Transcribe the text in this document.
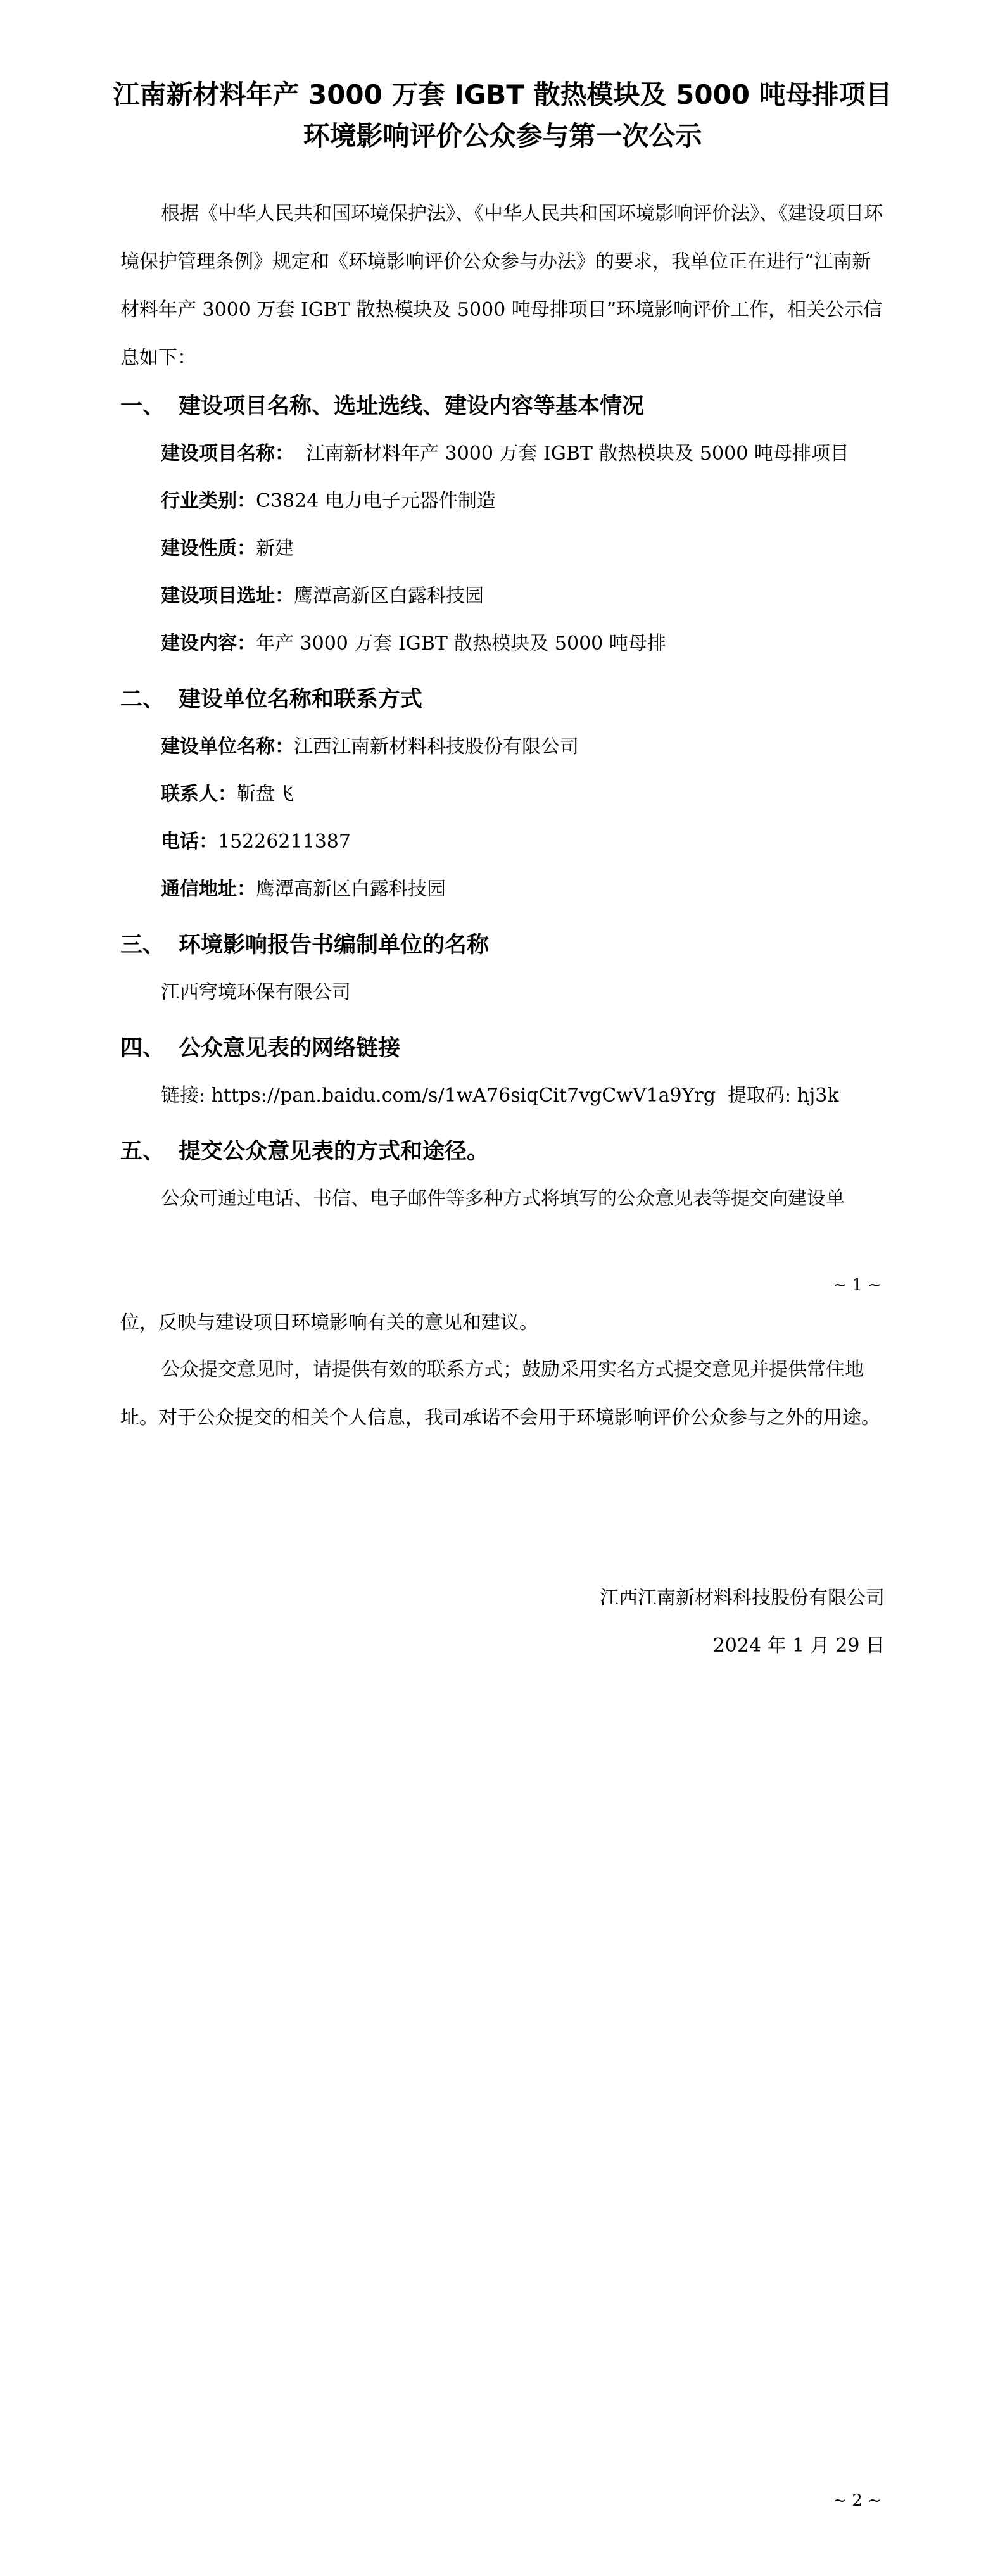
江南新材料年产 3000 万套 IGBT 散热模块及 5000 吨母排项目
环境影响评价公众参与第一次公示

根据《中华人民共和国环境保护法》、《中华人民共和国环境影响评价法》、《建设项目环境保护管理条例》规定和《环境影响评价公众参与办法》的要求，我单位正在进行“江南新材料年产 3000 万套 IGBT 散热模块及 5000 吨母排项目”环境影响评价工作，相关公示信息如下：

一、 建设项目名称、选址选线、建设内容等基本情况
建设项目名称：  江南新材料年产 3000 万套 IGBT 散热模块及 5000 吨母排项目
行业类别：C3824 电力电子元器件制造
建设性质：新建
建设项目选址：鹰潭高新区白露科技园
建设内容：年产 3000 万套 IGBT 散热模块及 5000 吨母排
二、 建设单位名称和联系方式
建设单位名称：江西江南新材料科技股份有限公司
联系人：靳盘飞
电话：15226211387
通信地址：鹰潭高新区白露科技园
三、 环境影响报告书编制单位的名称
江西穹境环保有限公司
四、 公众意见表的网络链接
链接: https://pan.baidu.com/s/1wA76siqCit7vgCwV1a9Yrg  提取码: hj3k
五、 提交公众意见表的方式和途径。
公众可通过电话、书信、电子邮件等多种方式将填写的公众意见表等提交向建设单
~ 1 ~
位，反映与建设项目环境影响有关的意见和建议。

公众提交意见时，请提供有效的联系方式；鼓励采用实名方式提交意见并提供常住地址。对于公众提交的相关个人信息，我司承诺不会用于环境影响评价公众参与之外的用途。

江西江南新材料科技股份有限公司
2024 年 1 月 29 日
~ 2 ~
